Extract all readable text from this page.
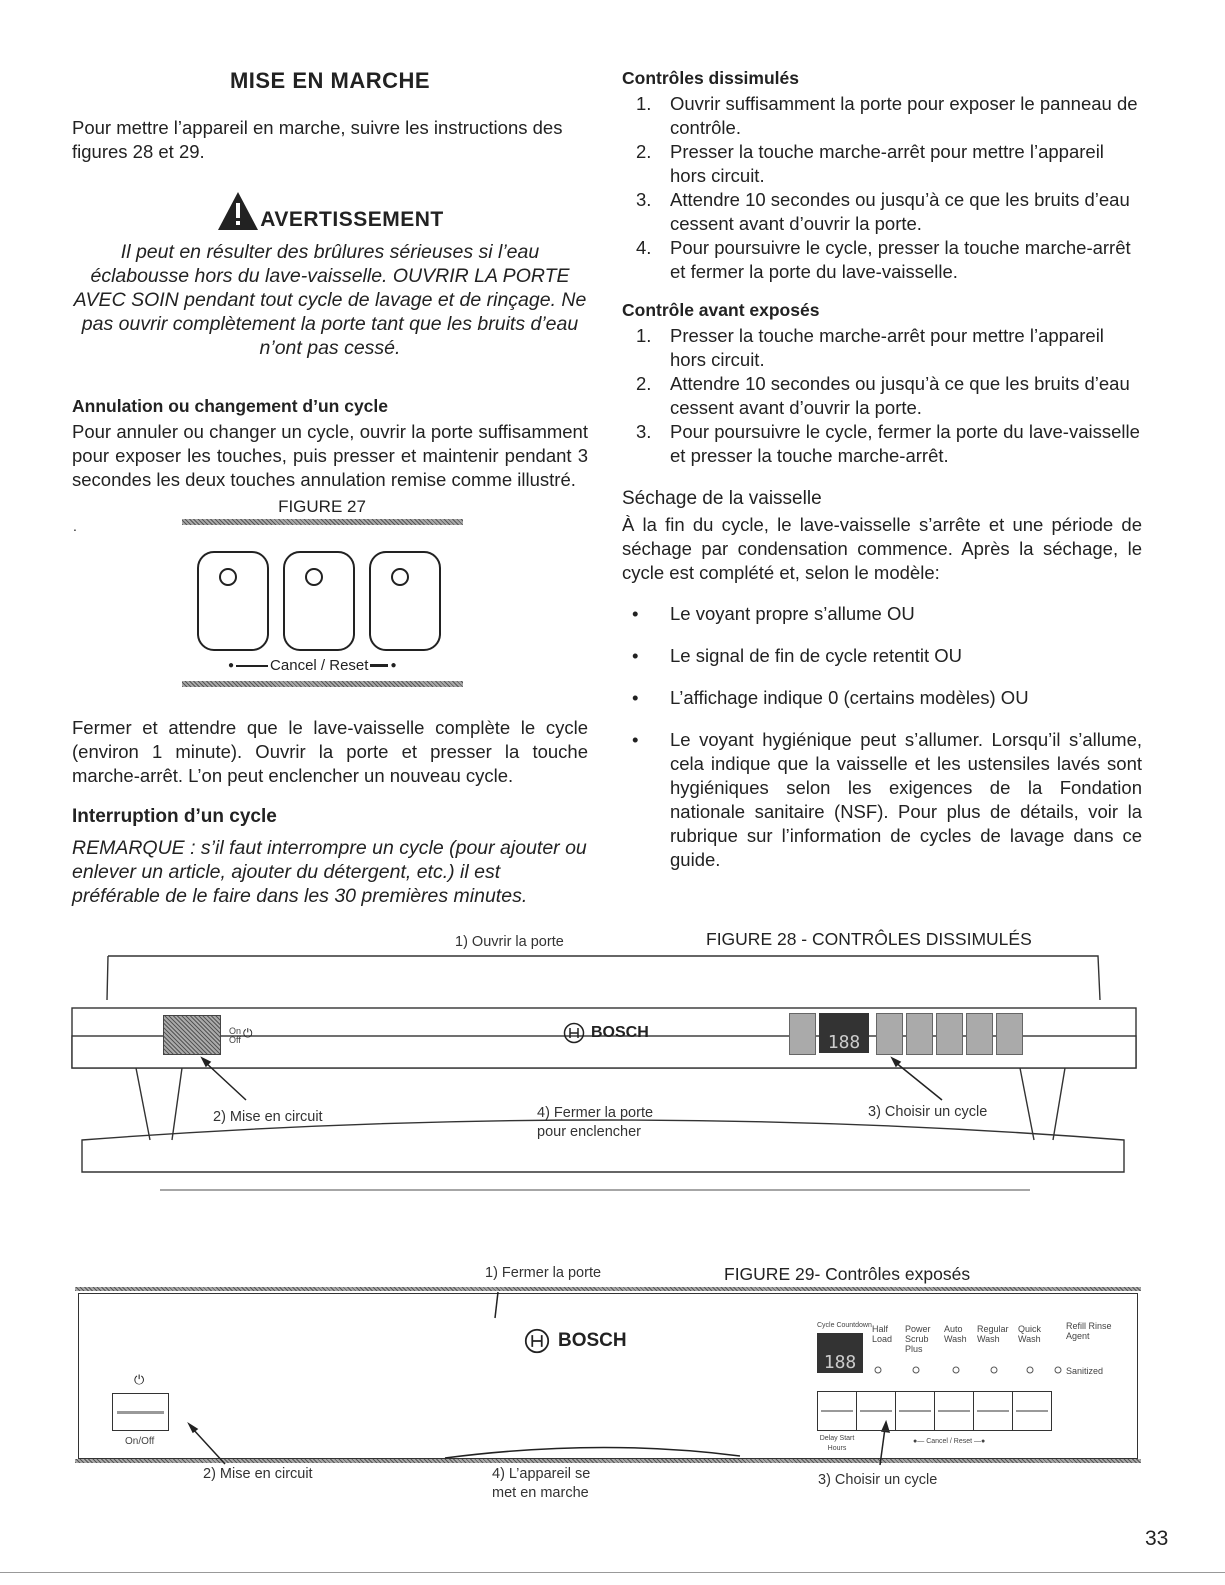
MISE EN MARCHE

Pour mettre l’appareil en marche, suivre les instructions des figures 28 et 29.

AVERTISSEMENT

Il peut en résulter des brûlures sérieuses si l’eau éclabousse hors du lave-vaisselle. OUVRIR LA PORTE AVEC SOIN pendant tout cycle de lavage et de rinçage. Ne pas ouvrir complètement la porte tant que les bruits d’eau n’ont pas cessé.

Annulation ou changement d’un cycle

Pour annuler ou changer un cycle, ouvrir la porte suffisamment pour exposer les touches, puis presser et maintenir pendant 3 secondes les deux touches annulation remise comme illustré.

FIGURE 27
.
● Cancel / Reset ●

Fermer et attendre que le lave-vaisselle complète le cycle (environ 1 minute). Ouvrir la porte et presser la touche marche-arrêt. L’on peut enclencher un nouveau cycle.

Interruption d’un cycle

REMARQUE : s’il faut interrompre un cycle (pour ajouter ou enlever un article, ajouter du détergent, etc.) il est préférable de le faire dans les 30 premières minutes.

Contrôles dissimulés
1. Ouvrir suffisamment la porte pour exposer le panneau de contrôle.
2. Presser la touche marche-arrêt pour mettre l’appareil hors circuit.
3. Attendre 10 secondes ou jusqu’à ce que les bruits d’eau cessent avant d’ouvrir la porte.
4. Pour poursuivre le cycle, presser la touche marche-arrêt et fermer la porte du lave-vaisselle.
Contrôle avant exposés
1. Presser la touche marche-arrêt pour mettre l’appareil hors circuit.
2. Attendre 10 secondes ou jusqu’à ce que les bruits d’eau cessent avant d’ouvrir la porte.
3. Pour poursuivre le cycle, fermer la porte du lave-vaisselle et presser la touche marche-arrêt.
Séchage de la vaisselle

À la fin du cycle, le lave-vaisselle s’arrête et une période de séchage par condensation commence. Après la séchage, le cycle est complété et, selon le modèle:

• Le voyant propre s’allume OU
• Le signal de fin de cycle retentit OU
• L’affichage indique 0 (certains modèles) OU
• Le voyant hygiénique peut s’allumer. Lorsqu’il s’allume, cela indique que la vaisselle et les ustensiles lavés sont hygiéniques selon les exigences de la Fondation nationale sanitaire (NSF). Pour plus de détails, voir la rubrique sur l’information de cycles de lavage dans ce guide.
FIGURE 28 - CONTRÔLES DISSIMULÉS
1) Ouvrir la porte
On
Off ⏻	BOSCH	188
2) Mise en circuit	4) Fermer la porte
pour enclencher
3) Choisir un cycle
1) Fermer la porte	FIGURE 29- Contrôles exposés
BOSCH
⏻
On/Off
Cycle Countdown
188
Half Load
Power Scrub Plus
Auto Wash
Regular Wash
Quick Wash
Refill Rinse Agent
Sanitized
Delay Start Hours
●— Cancel / Reset —●
2) Mise en circuit	4) L’appareil se
met en marche
3) Choisir un cycle
33
